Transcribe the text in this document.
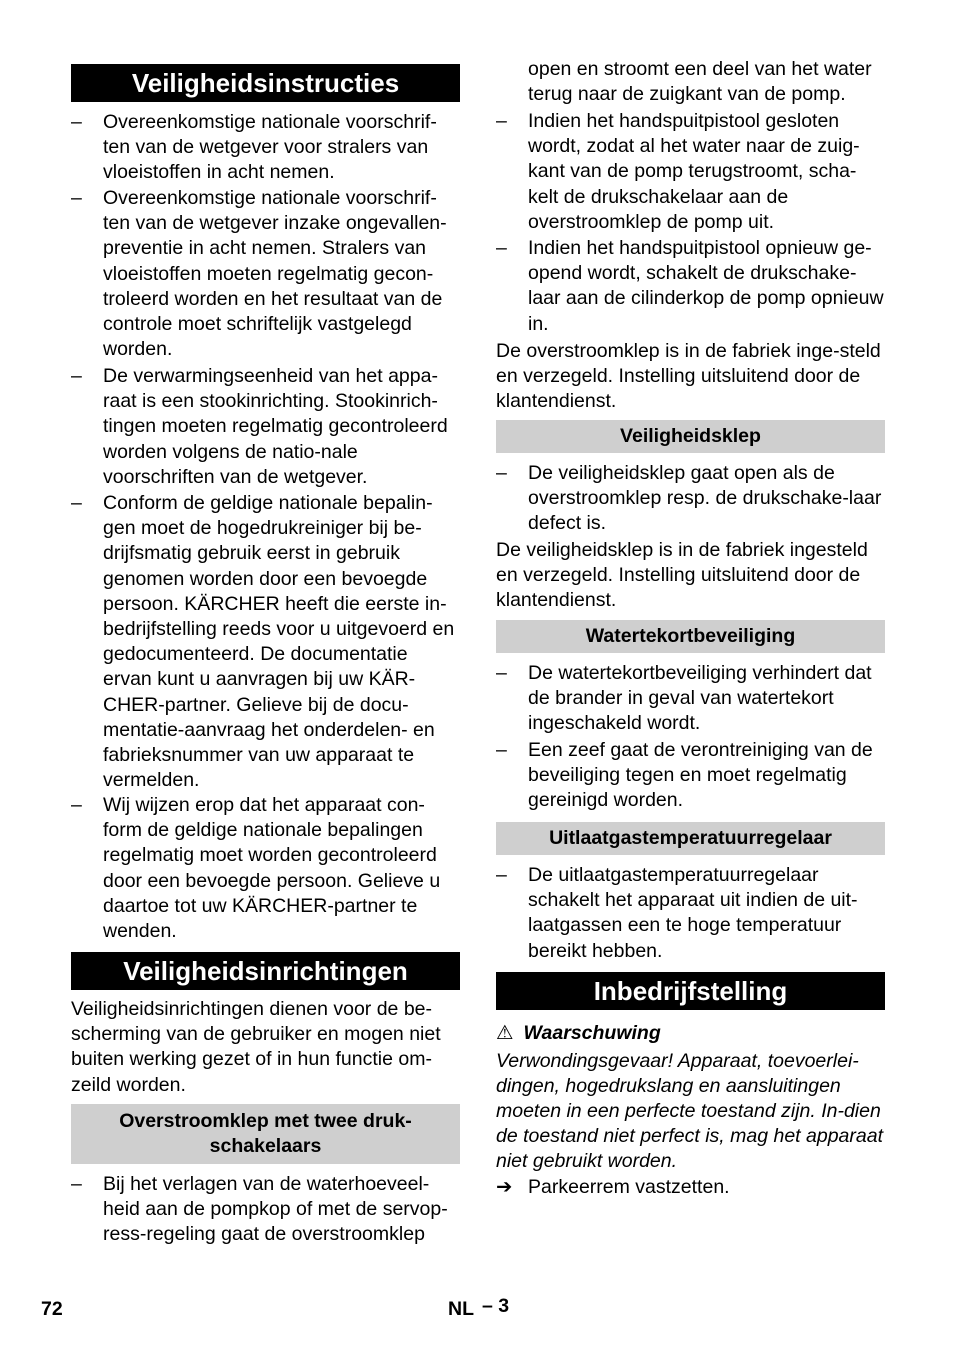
Veiligheidsinstructies
– Overeenkomstige nationale voorschrif-ten van de wetgever voor stralers van vloeistoffen in acht nemen.
– Overeenkomstige nationale voorschrif-ten van de wetgever inzake ongevallen-preventie in acht nemen. Stralers van vloeistoffen moeten regelmatig gecon-troleerd worden en het resultaat van de controle moet schriftelijk vastgelegd worden.
– De verwarmingseenheid van het appa-raat is een stookinrichting. Stookinrich-tingen moeten regelmatig gecontroleerd worden volgens de natio-nale voorschriften van de wetgever.
– Conform de geldige nationale bepalin-gen moet de hogedrukreiniger bij be-drijfsmatig gebruik eerst in gebruik genomen worden door een bevoegde persoon. KÄRCHER heeft die eerste in-bedrijfstelling reeds voor u uitgevoerd en gedocumenteerd. De documentatie ervan kunt u aanvragen bij uw KÄR-CHER-partner. Gelieve bij de docu-mentatie-aanvraag het onderdelen- en fabrieksnummer van uw apparaat te vermelden.
– Wij wijzen erop dat het apparaat con-form de geldige nationale bepalingen regelmatig moet worden gecontroleerd door een bevoegde persoon. Gelieve u daartoe tot uw KÄRCHER-partner te wenden.
Veiligheidsinrichtingen
Veiligheidsinrichtingen dienen voor de be-scherming van de gebruiker en mogen niet buiten werking gezet of in hun functie om-zeild worden.
Overstroomklep met twee druk-schakelaars
– Bij het verlagen van de waterhoeveel-heid aan de pompkop of met de servop-ress-regeling gaat de overstroomklep
open en stroomt een deel van het water terug naar de zuigkant van de pomp.
– Indien het handspuitpistool gesloten wordt, zodat al het water naar de zuig-kant van de pomp terugstroomt, scha-kelt de drukschakelaar aan de overstroomklep de pomp uit.
– Indien het handspuitpistool opnieuw ge-opend wordt, schakelt de drukschake-laar aan de cilinderkop de pomp opnieuw in.
De overstroomklep is in de fabriek inge-steld en verzegeld. Instelling uitsluitend door de klantendienst.
Veiligheidsklep
– De veiligheidsklep gaat open als de overstroomklep resp. de drukschake-laar defect is.
De veiligheidsklep is in de fabriek ingesteld en verzegeld. Instelling uitsluitend door de klantendienst.
Watertekortbeveiliging
– De watertekortbeveiliging verhindert dat de brander in geval van watertekort ingeschakeld wordt.
– Een zeef gaat de verontreiniging van de beveiliging tegen en moet regelmatig gereinigd worden.
Uitlaatgastemperatuurregelaar
– De uitlaatgastemperatuurregelaar schakelt het apparaat uit indien de uit-laatgassen een te hoge temperatuur bereikt hebben.
Inbedrijfstelling
⚠ Waarschuwing
Verwondingsgevaar! Apparaat, toevoerlei-dingen, hogedrukslang en aansluitingen moeten in een perfecte toestand zijn. In-dien de toestand niet perfect is, mag het apparaat niet gebruikt worden.
➔ Parkeerrem vastzetten.
72	NL – 3
